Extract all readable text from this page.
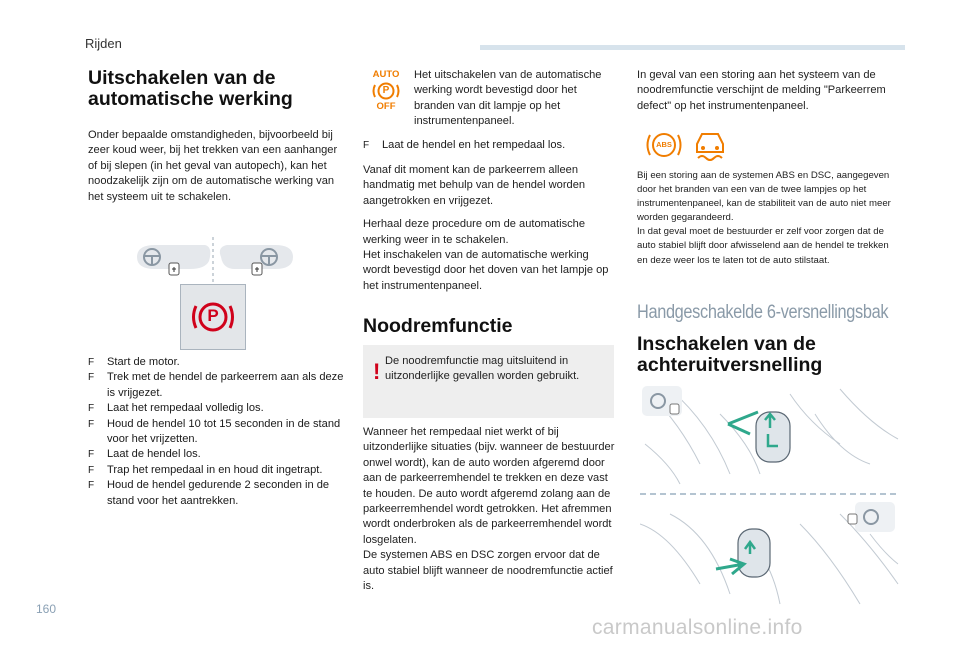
Rijden
Uitschakelen van de
automatische werking
Onder bepaalde omstandigheden, bijvoorbeeld bij zeer koud weer, bij het trekken van een aanhanger of bij slepen (in het geval van autopech), kan het noodzakelijk zijn om de automatische werking van het systeem uit te schakelen.
P
F Start de motor.
F Trek met de hendel de parkeerrem aan als deze is vrijgezet.
F Laat het rempedaal volledig los.
F Houd de hendel 10 tot 15 seconden in de stand voor het vrijzetten.
F Laat de hendel los.
F Trap het rempedaal in en houd dit ingetrapt.
F Houd de hendel gedurende 2 seconden in de stand voor het aantrekken.
AUTO
P
OFF
Het uitschakelen van de automatische werking wordt bevestigd door het branden van dit lampje op het instrumentenpaneel.
F Laat de hendel en het rempedaal los.

Vanaf dit moment kan de parkeerrem alleen handmatig met behulp van de hendel worden aangetrokken en vrijgezet.

Herhaal deze procedure om de automatische werking weer in te schakelen.
Het inschakelen van de automatische werking wordt bevestigd door het doven van het lampje op het instrumentenpaneel.
Noodremfunctie
! De noodremfunctie mag uitsluitend in uitzonderlijke gevallen worden gebruikt.
Wanneer het rempedaal niet werkt of bij uitzonderlijke situaties (bijv. wanneer de bestuurder onwel wordt), kan de auto worden afgeremd door aan de parkeerremhendel te trekken en deze vast te houden. De auto wordt afgeremd zolang aan de parkeerremhendel wordt getrokken. Het afremmen wordt onderbroken als de parkeerremhendel wordt losgelaten.
De systemen ABS en DSC zorgen ervoor dat de auto stabiel blijft wanneer de noodremfunctie actief is.
In geval van een storing aan het systeem van de noodremfunctie verschijnt de melding "Parkeerrem defect" op het instrumentenpaneel.
ABS
Bij een storing aan de systemen ABS en DSC, aangegeven door het branden van een van de twee lampjes op het instrumentenpaneel, kan de stabiliteit van de auto niet meer worden gegarandeerd.
In dat geval moet de bestuurder er zelf voor zorgen dat de auto stabiel blijft door afwisselend aan de hendel te trekken en deze weer los te laten tot de auto stilstaat.
Handgeschakelde 6-versnellingsbak
Inschakelen van de
achteruitversnelling
160
carmanualsonline.info
